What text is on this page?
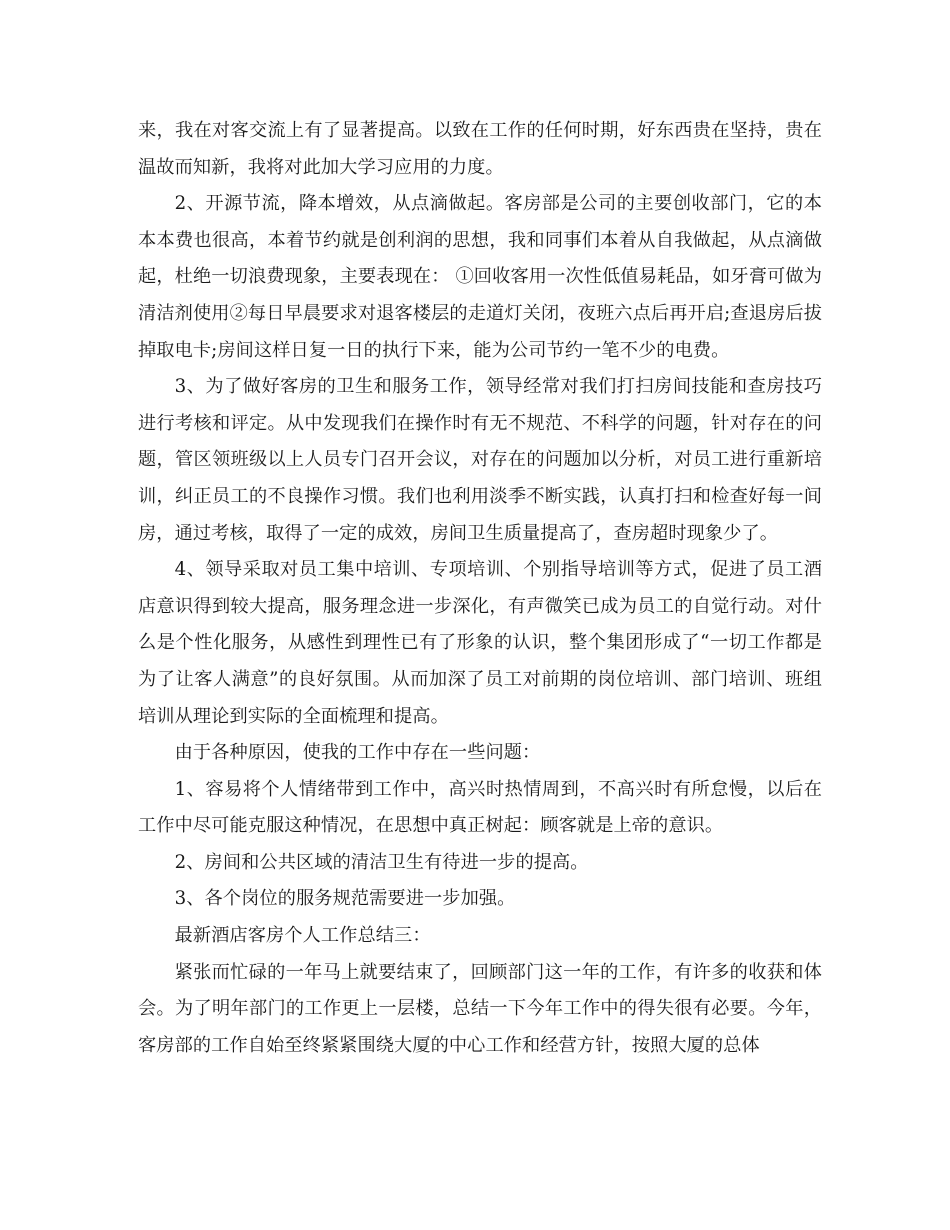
来，我在对客交流上有了显著提高。以致在工作的任何时期，好东西贵在坚持，贵在温故而知新，我将对此加大学习应用的力度。

2、开源节流，降本增效，从点滴做起。客房部是公司的主要创收部门，它的本本本费也很高，本着节约就是创利润的思想，我和同事们本着从自我做起，从点滴做起，杜绝一切浪费现象，主要表现在： ①回收客用一次性低值易耗品，如牙膏可做为清洁剂使用②每日早晨要求对退客楼层的走道灯关闭，夜班六点后再开启;查退房后拔掉取电卡;房间这样日复一日的执行下来，能为公司节约一笔不少的电费。

3、为了做好客房的卫生和服务工作，领导经常对我们打扫房间技能和查房技巧进行考核和评定。从中发现我们在操作时有无不规范、不科学的问题，针对存在的问题，管区领班级以上人员专门召开会议，对存在的问题加以分析，对员工进行重新培训，纠正员工的不良操作习惯。我们也利用淡季不断实践，认真打扫和检查好每一间房，通过考核，取得了一定的成效，房间卫生质量提高了，查房超时现象少了。

4、领导采取对员工集中培训、专项培训、个别指导培训等方式，促进了员工酒店意识得到较大提高，服务理念进一步深化，有声微笑已成为员工的自觉行动。对什么是个性化服务，从感性到理性已有了形象的认识，整个集团形成了“一切工作都是为了让客人满意”的良好氛围。从而加深了员工对前期的岗位培训、部门培训、班组培训从理论到实际的全面梳理和提高。

由于各种原因，使我的工作中存在一些问题：

1、容易将个人情绪带到工作中，高兴时热情周到，不高兴时有所怠慢，以后在工作中尽可能克服这种情况，在思想中真正树起：顾客就是上帝的意识。

2、房间和公共区域的清洁卫生有待进一步的提高。

3、各个岗位的服务规范需要进一步加强。

最新酒店客房个人工作总结三：

紧张而忙碌的一年马上就要结束了，回顾部门这一年的工作，有许多的收获和体会。为了明年部门的工作更上一层楼，总结一下今年工作中的得失很有必要。今年，客房部的工作自始至终紧紧围绕大厦的中心工作和经营方针，按照大厦的总体
